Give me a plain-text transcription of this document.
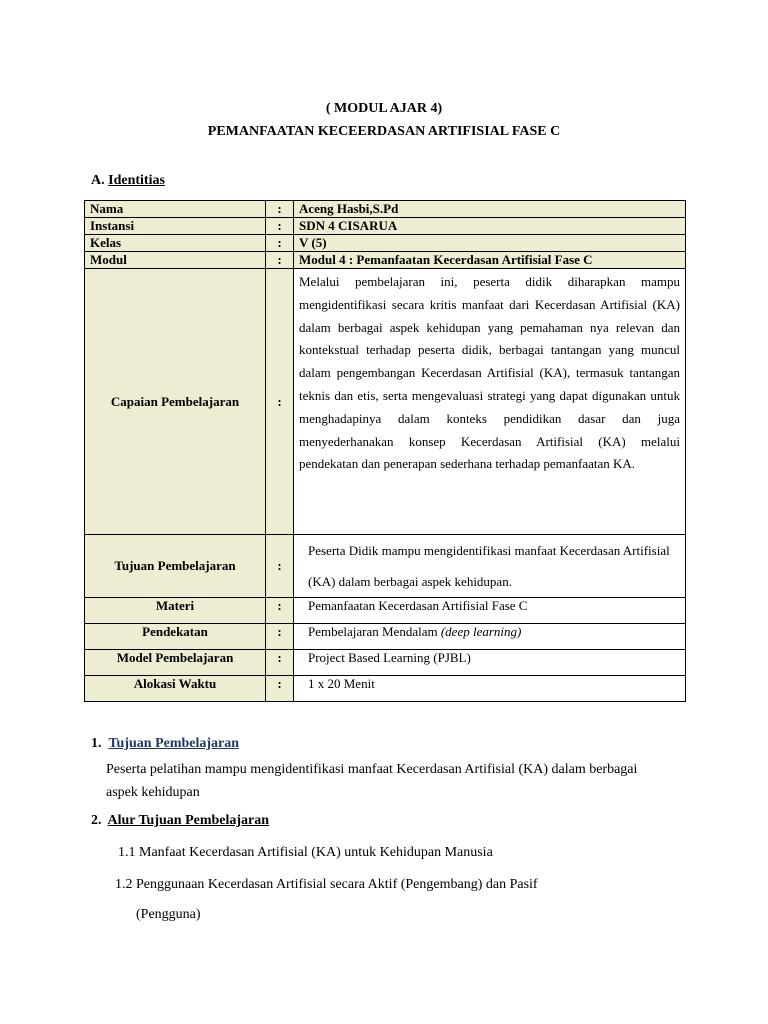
( MODUL AJAR 4)
PEMANFAATAN KECEERDASAN ARTIFISIAL FASE C
A. Identitias
Nama	:	Aceng Hasbi,S.Pd
Instansi	:	SDN 4 CISARUA
Kelas	:	V (5)
Modul	:	Modul 4 : Pemanfaatan Kecerdasan Artifisial Fase C
Capaian Pembelajaran	:	Melalui pembelajaran ini, peserta didik diharapkan mampu mengidentifikasi secara kritis manfaat dari Kecerdasan Artifisial (KA) dalam berbagai aspek kehidupan yang pemahaman nya relevan dan kontekstual terhadap peserta didik, berbagai tantangan yang muncul dalam pengembangan Kecerdasan Artifisial (KA), termasuk tantangan teknis dan etis, serta mengevaluasi strategi yang dapat digunakan untuk menghadapinya dalam konteks pendidikan dasar dan juga menyederhanakan konsep Kecerdasan Artifisial (KA) melalui pendekatan dan penerapan sederhana terhadap pemanfaatan KA.
Tujuan Pembelajaran	:	Peserta Didik mampu mengidentifikasi manfaat Kecerdasan Artifisial (KA) dalam berbagai aspek kehidupan.
Materi	:	Pemanfaatan Kecerdasan Artifisial Fase C
Pendekatan	:	Pembelajaran Mendalam (deep learning)
Model Pembelajaran	:	Project Based Learning (PJBL)
Alokasi Waktu	:	1 x 20 Menit
1. Tujuan Pembelajaran
Peserta pelatihan mampu mengidentifikasi manfaat Kecerdasan Artifisial (KA) dalam berbagai aspek kehidupan
2. Alur Tujuan Pembelajaran
1.1 Manfaat Kecerdasan Artifisial (KA) untuk Kehidupan Manusia
1.2 Penggunaan Kecerdasan Artifisial secara Aktif (Pengembang) dan Pasif
(Pengguna)
